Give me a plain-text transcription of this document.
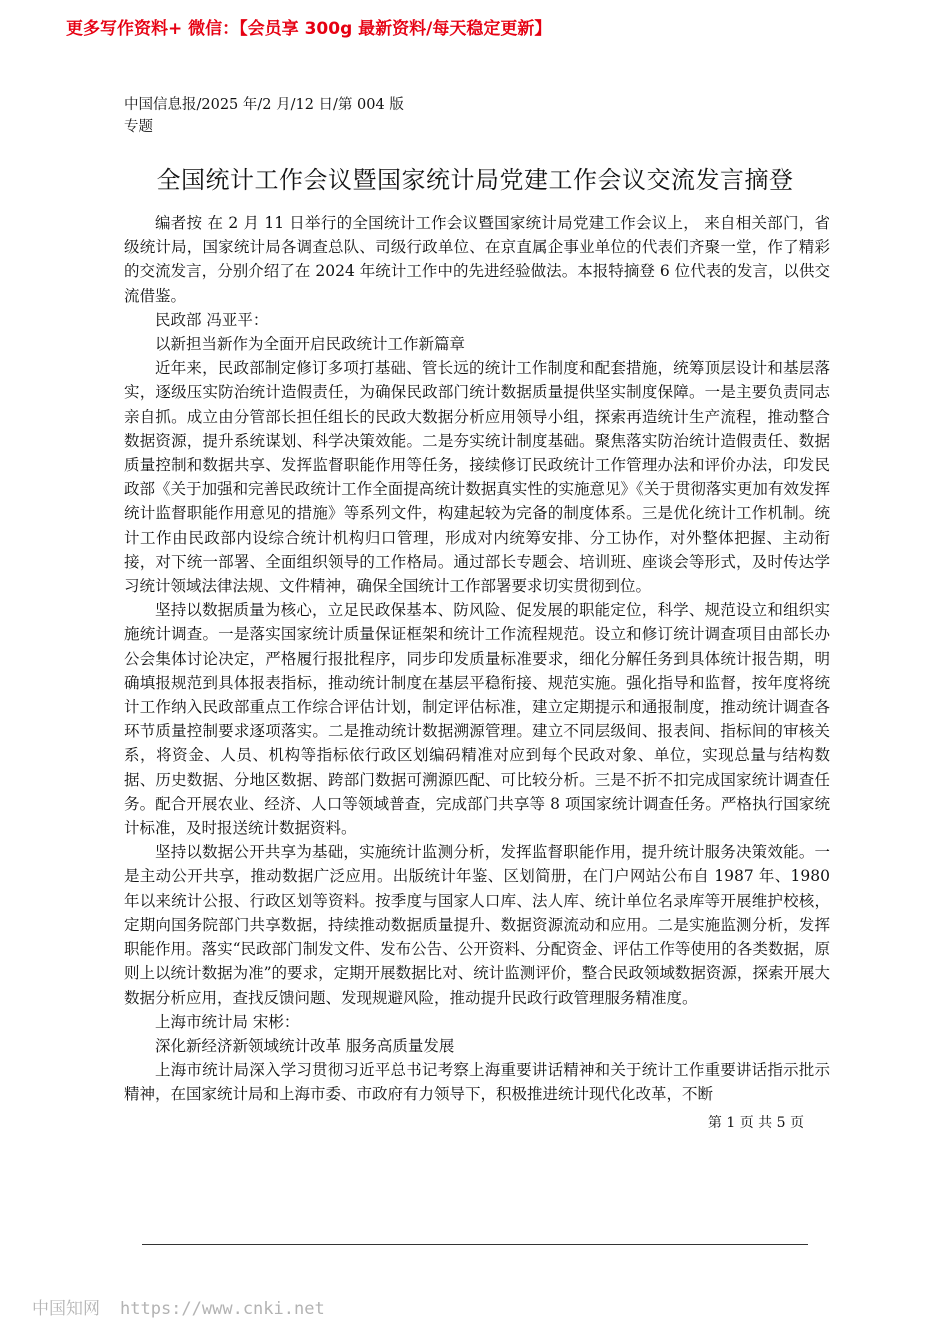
更多写作资料+ 微信：【会员享 300g 最新资料/每天稳定更新】
中国信息报/2025 年/2 月/12 日/第 004 版专题
全国统计工作会议暨国家统计局党建工作会议交流发言摘登

编者按 在 2 月 11 日举行的全国统计工作会议暨国家统计局党建工作会议上， 来自相关部门，省级统计局，国家统计局各调查总队、司级行政单位、在京直属企事业单位的代表们齐聚一堂，作了精彩的交流发言，分别介绍了在 2024 年统计工作中的先进经验做法。本报特摘登 6 位代表的发言，以供交流借鉴。

民政部 冯亚平：

以新担当新作为全面开启民政统计工作新篇章

近年来，民政部制定修订多项打基础、管长远的统计工作制度和配套措施，统筹顶层设计和基层落实，逐级压实防治统计造假责任，为确保民政部门统计数据质量提供坚实制度保障。一是主要负责同志亲自抓。成立由分管部长担任组长的民政大数据分析应用领导小组，探索再造统计生产流程，推动整合数据资源，提升系统谋划、科学决策效能。二是夯实统计制度基础。聚焦落实防治统计造假责任、数据质量控制和数据共享、发挥监督职能作用等任务，接续修订民政统计工作管理办法和评价办法，印发民政部《关于加强和完善民政统计工作全面提高统计数据真实性的实施意见》《关于贯彻落实更加有效发挥统计监督职能作用意见的措施》等系列文件，构建起较为完备的制度体系。三是优化统计工作机制。统计工作由民政部内设综合统计机构归口管理，形成对内统筹安排、分工协作，对外整体把握、主动衔接，对下统一部署、全面组织领导的工作格局。通过部长专题会、培训班、座谈会等形式，及时传达学习统计领域法律法规、文件精神，确保全国统计工作部署要求切实贯彻到位。

坚持以数据质量为核心，立足民政保基本、防风险、促发展的职能定位，科学、规范设立和组织实施统计调查。一是落实国家统计质量保证框架和统计工作流程规范。设立和修订统计调查项目由部长办公会集体讨论决定，严格履行报批程序，同步印发质量标准要求，细化分解任务到具体统计报告期，明确填报规范到具体报表指标，推动统计制度在基层平稳衔接、规范实施。强化指导和监督，按年度将统计工作纳入民政部重点工作综合评估计划，制定评估标准，建立定期提示和通报制度，推动统计调查各环节质量控制要求逐项落实。二是推动统计数据溯源管理。建立不同层级间、报表间、指标间的审核关系，将资金、人员、机构等指标依行政区划编码精准对应到每个民政对象、单位，实现总量与结构数据、历史数据、分地区数据、跨部门数据可溯源匹配、可比较分析。三是不折不扣完成国家统计调查任务。配合开展农业、经济、人口等领域普查，完成部门共享等 8 项国家统计调查任务。严格执行国家统计标准，及时报送统计数据资料。

坚持以数据公开共享为基础，实施统计监测分析，发挥监督职能作用，提升统计服务决策效能。一是主动公开共享，推动数据广泛应用。出版统计年鉴、区划简册，在门户网站公布自 1987 年、1980 年以来统计公报、行政区划等资料。按季度与国家人口库、法人库、统计单位名录库等开展维护校核，定期向国务院部门共享数据，持续推动数据质量提升、数据资源流动和应用。二是实施监测分析，发挥职能作用。落实“民政部门制发文件、发布公告、公开资料、分配资金、评估工作等使用的各类数据，原则上以统计数据为准”的要求，定期开展数据比对、统计监测评价，整合民政领域数据资源，探索开展大数据分析应用，查找反馈问题、发现规避风险，推动提升民政行政管理服务精准度。

上海市统计局 宋彬：

深化新经济新领域统计改革 服务高质量发展

上海市统计局深入学习贯彻习近平总书记考察上海重要讲话精神和关于统计工作重要讲话指示批示精神，在国家统计局和上海市委、市政府有力领导下，积极推进统计现代化改革，不断

第 1 页 共 5 页
中国知网 https://www.cnki.net
